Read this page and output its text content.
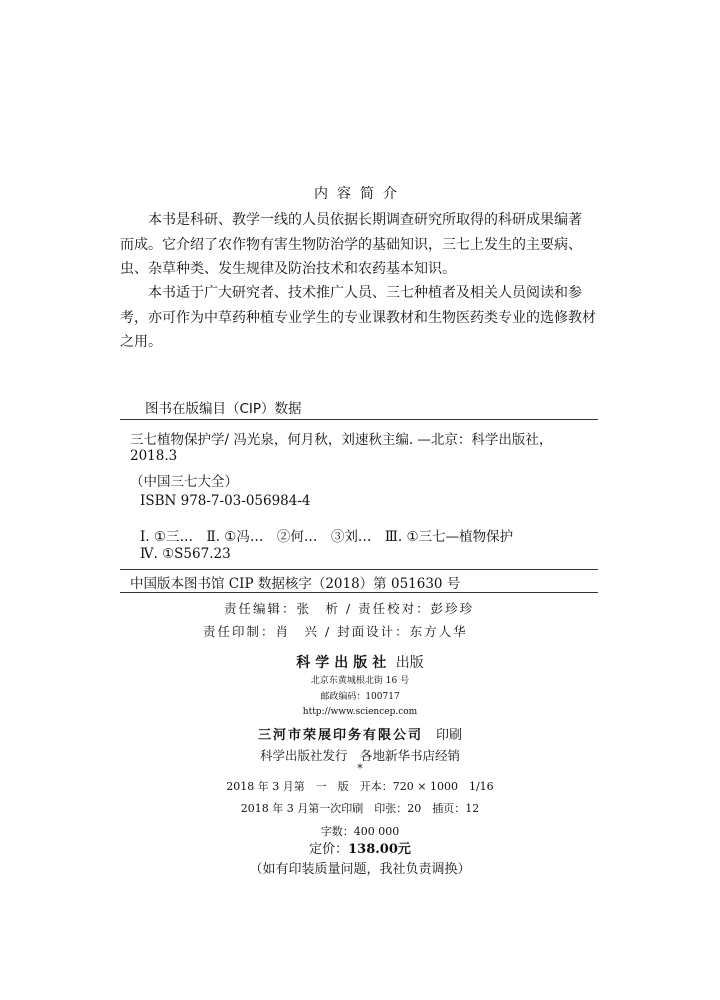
内容简介
本书是科研、教学一线的人员依据长期调查研究所取得的科研成果编著
而成。它介绍了农作物有害生物防治学的基础知识，三七上发生的主要病、
虫、杂草种类、发生规律及防治技术和农药基本知识。
本书适于广大研究者、技术推广人员、三七种植者及相关人员阅读和参
考，亦可作为中草药种植专业学生的专业课教材和生物医药类专业的选修教材
之用。
图书在版编目（CIP）数据
三七植物保护学/ 冯光泉，何月秋，刘速秋主编. —北京：科学出版社，
2018.3
（中国三七大全）
ISBN 978-7-03-056984-4
Ⅰ. ①三…　Ⅱ. ①冯…　②何…　③刘…　Ⅲ. ①三七—植物保护
Ⅳ. ①S567.23
中国版本图书馆 CIP 数据核字（2018）第 051630 号
责任编辑：张　析 / 责任校对：彭珍珍
责任印制：肖　兴 / 封面设计：东方人华
科学出版社 出版
北京东黄城根北街 16 号
邮政编码：100717
http://www.sciencep.com
三河市荣展印务有限公司　印刷
科学出版社发行　各地新华书店经销
*
2018 年 3 月第　一　版　开本：720 × 1000　1/16
2018 年 3 月第一次印刷　印张：20　插页：12
字数：400 000
定价：138.00元
（如有印装质量问题，我社负责调换）
